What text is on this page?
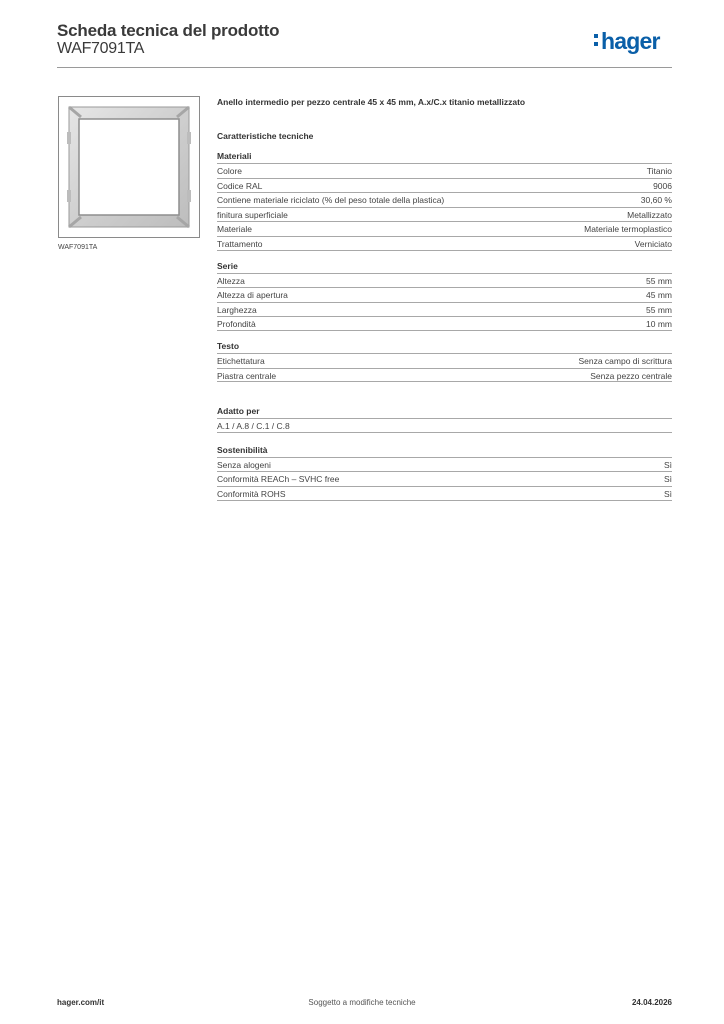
Scheda tecnica del prodotto
WAF7091TA	hager
WAF7091TA
Anello intermedio per pezzo centrale 45 x 45 mm, A.x/C.x titanio metallizzato
Caratteristiche tecniche
Materiali
Colore	Titanio
Codice RAL	9006
Contiene materiale riciclato (% del peso totale della plastica)	30,60 %
finitura superficiale	Metallizzato
Materiale	Materiale termoplastico
Trattamento	Verniciato
Serie
Altezza	55 mm
Altezza di apertura	45 mm
Larghezza	55 mm
Profondità	10 mm
Testo
Etichettatura	Senza campo di scrittura
Piastra centrale	Senza pezzo centrale
Adatto per
A.1 / A.8 / C.1 / C.8
Sostenibilità
Senza alogeni	Sì
Conformità REACh – SVHC free	Sì
Conformità ROHS	Sì
hager.com/it	Soggetto a modifiche tecniche	24.04.2026
